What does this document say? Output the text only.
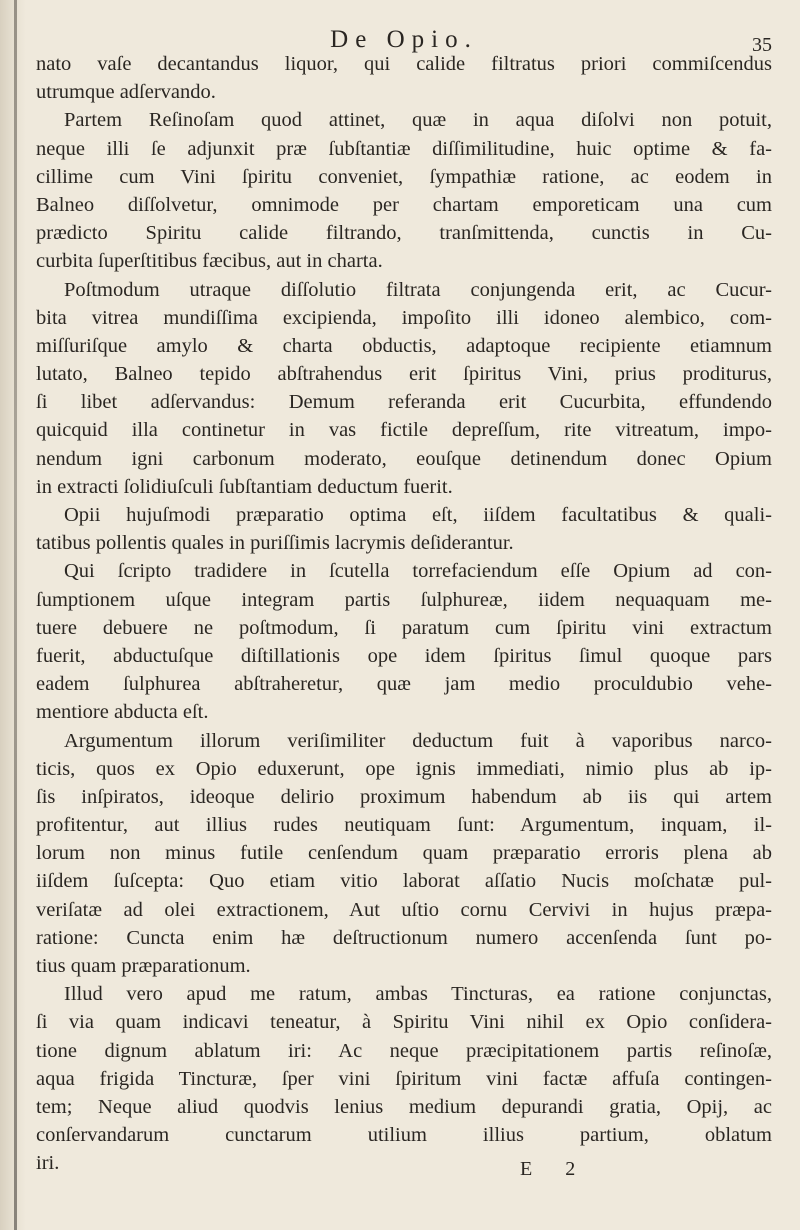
De Opio.	35
nato vaſe decantandus liquor, qui calide filtratus priori commiſcendus
utrumque adſervando.
Partem Reſinoſam quod attinet, quæ in aqua diſolvi non potuit,
neque illi ſe adjunxit præ ſubſtantiæ diſſimilitudine, huic optime & fa-
cillime cum Vini ſpiritu conveniet, ſympathiæ ratione, ac eodem in
Balneo diſſolvetur, omnimode per chartam emporeticam una cum
prædicto Spiritu calide filtrando, tranſmittenda, cunctis in Cu-
curbita ſuperſtitibus fæcibus, aut in charta.
Poſtmodum utraque diſſolutio filtrata conjungenda erit, ac Cucur-
bita vitrea mundiſſima excipienda, impoſito illi idoneo alembico, com-
miſſuriſque amylo & charta obductis, adaptoque recipiente etiamnum
lutato, Balneo tepido abſtrahendus erit ſpiritus Vini, prius proditurus,
ſi libet adſervandus: Demum referanda erit Cucurbita, effundendo
quicquid illa continetur in vas fictile depreſſum, rite vitreatum, impo-
nendum igni carbonum moderato, eouſque detinendum donec Opium
in extracti ſolidiuſculi ſubſtantiam deductum fuerit.
Opii hujuſmodi præparatio optima eſt, iiſdem facultatibus & quali-
tatibus pollentis quales in puriſſimis lacrymis deſiderantur.
Qui ſcripto tradidere in ſcutella torrefaciendum eſſe Opium ad con-
ſumptionem uſque integram partis ſulphureæ, iidem nequaquam me-
tuere debuere ne poſtmodum, ſi paratum cum ſpiritu vini extractum
fuerit, abductuſque diſtillationis ope idem ſpiritus ſimul quoque pars
eadem ſulphurea abſtraheretur, quæ jam medio proculdubio vehe-
mentiore abducta eſt.
Argumentum illorum veriſimiliter deductum fuit à vaporibus narco-
ticis, quos ex Opio eduxerunt, ope ignis immediati, nimio plus ab ip-
ſis inſpiratos, ideoque delirio proximum habendum ab iis qui artem
profitentur, aut illius rudes neutiquam ſunt: Argumentum, inquam, il-
lorum non minus futile cenſendum quam præparatio erroris plena ab
iiſdem ſuſcepta: Quo etiam vitio laborat aſſatio Nucis moſchatæ pul-
veriſatæ ad olei extractionem, Aut uſtio cornu Cervivi in hujus præpa-
ratione: Cuncta enim hæ deſtructionum numero accenſenda ſunt po-
tius quam præparationum.
Illud vero apud me ratum, ambas Tincturas, ea ratione conjunctas,
ſi via quam indicavi teneatur, à Spiritu Vini nihil ex Opio conſidera-
tione dignum ablatum iri: Ac neque præcipitationem partis reſinoſæ,
aqua frigida Tincturæ, ſper vini ſpiritum vini factæ affuſa contingen-
tem; Neque aliud quodvis lenius medium depurandi gratia, Opij, ac
conſervandarum cunctarum utilium illius partium, oblatum
iri.	E 2
